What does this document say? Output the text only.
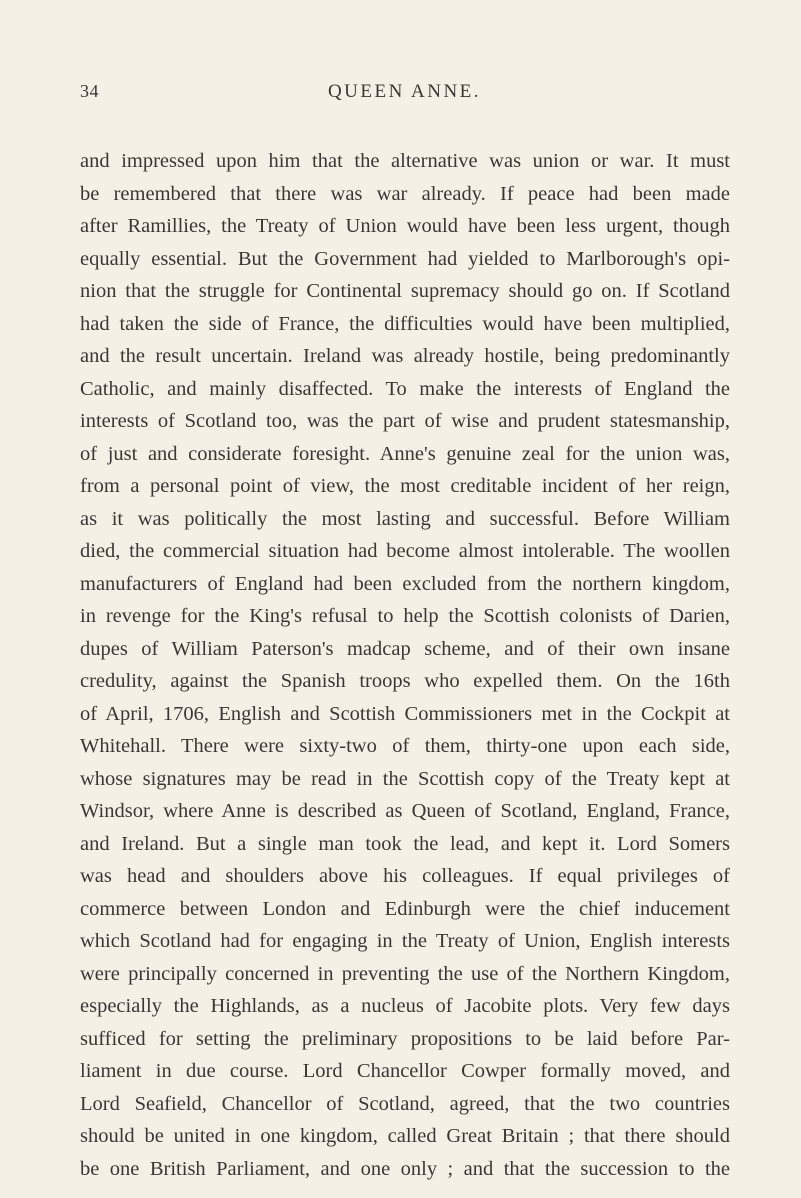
34	QUEEN ANNE.
and impressed upon him that the alternative was union or war. It must
be remembered that there was war already. If peace had been made
after Ramillies, the Treaty of Union would have been less urgent, though
equally essential. But the Government had yielded to Marlborough's opi-
nion that the struggle for Continental supremacy should go on. If Scotland
had taken the side of France, the difficulties would have been multiplied,
and the result uncertain. Ireland was already hostile, being predominantly
Catholic, and mainly disaffected. To make the interests of England the
interests of Scotland too, was the part of wise and prudent statesmanship,
of just and considerate foresight. Anne's genuine zeal for the union was,
from a personal point of view, the most creditable incident of her reign,
as it was politically the most lasting and successful. Before William
died, the commercial situation had become almost intolerable. The woollen
manufacturers of England had been excluded from the northern kingdom,
in revenge for the King's refusal to help the Scottish colonists of Darien,
dupes of William Paterson's madcap scheme, and of their own insane
credulity, against the Spanish troops who expelled them. On the 16th
of April, 1706, English and Scottish Commissioners met in the Cockpit at
Whitehall. There were sixty-two of them, thirty-one upon each side,
whose signatures may be read in the Scottish copy of the Treaty kept at
Windsor, where Anne is described as Queen of Scotland, England, France,
and Ireland. But a single man took the lead, and kept it. Lord Somers
was head and shoulders above his colleagues. If equal privileges of
commerce between London and Edinburgh were the chief inducement
which Scotland had for engaging in the Treaty of Union, English interests
were principally concerned in preventing the use of the Northern Kingdom,
especially the Highlands, as a nucleus of Jacobite plots. Very few days
sufficed for setting the preliminary propositions to be laid before Par-
liament in due course. Lord Chancellor Cowper formally moved, and
Lord Seafield, Chancellor of Scotland, agreed, that the two countries
should be united in one kingdom, called Great Britain ; that there should
be one British Parliament, and one only ; and that the succession to the
